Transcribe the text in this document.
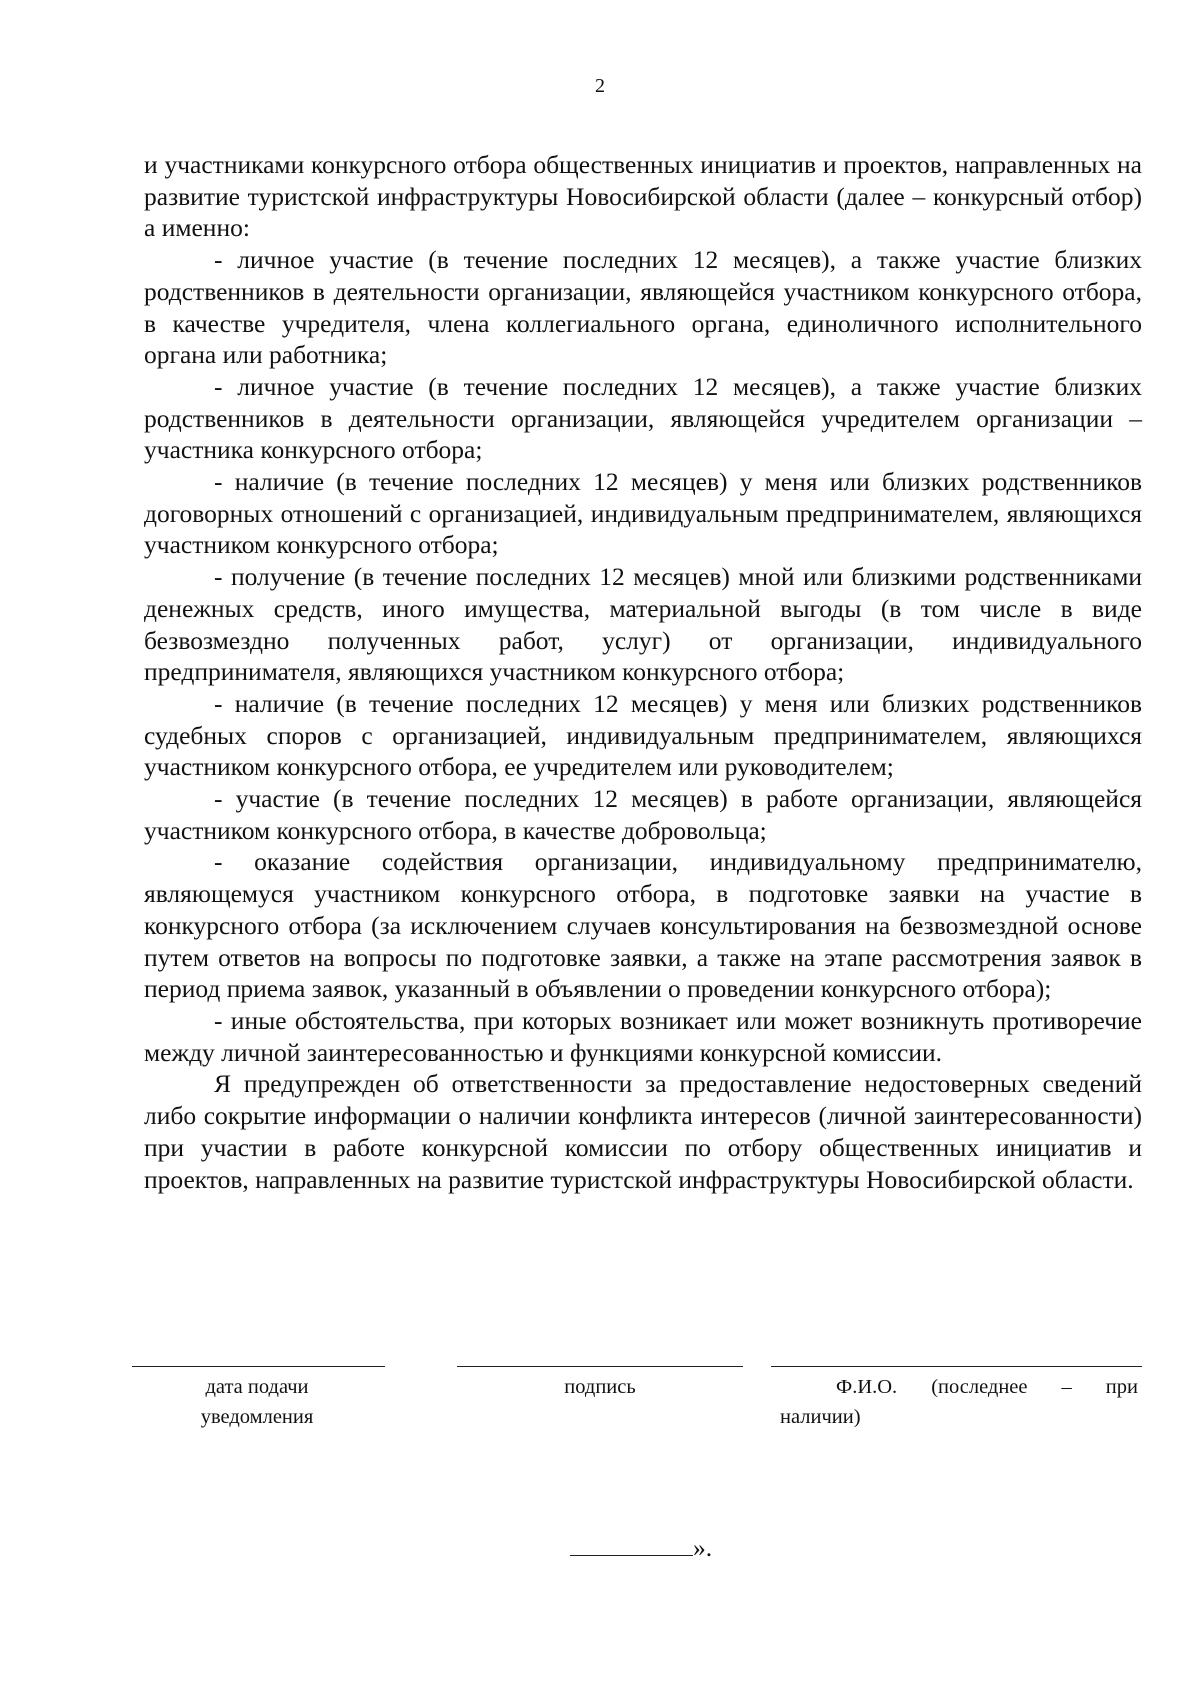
2

и участниками конкурсного отбора общественных инициатив и проектов, направленных на развитие туристской инфраструктуры Новосибирской области (далее – конкурсный отбор) а именно:

- личное участие (в течение последних 12 месяцев), а также участие близких родственников в деятельности организации, являющейся участником конкурсного отбора, в качестве учредителя, члена коллегиального органа, единоличного исполнительного органа или работника;

- личное участие (в течение последних 12 месяцев), а также участие близких родственников в деятельности организации, являющейся учредителем организации – участника конкурсного отбора;

- наличие (в течение последних 12 месяцев) у меня или близких родственников договорных отношений с организацией, индивидуальным предпринимателем, являющихся участником конкурсного отбора;

- получение (в течение последних 12 месяцев) мной или близкими родственниками денежных средств, иного имущества, материальной выгоды (в том числе в виде безвозмездно полученных работ, услуг) от организации, индивидуального предпринимателя, являющихся участником конкурсного отбора;

- наличие (в течение последних 12 месяцев) у меня или близких родственников судебных споров с организацией, индивидуальным предпринимателем, являющихся участником конкурсного отбора, ее учредителем или руководителем;

- участие (в течение последних 12 месяцев) в работе организации, являющейся участником конкурсного отбора, в качестве добровольца;

- оказание содействия организации, индивидуальному предпринимателю, являющемуся участником конкурсного отбора, в подготовке заявки на участие в конкурсного отбора (за исключением случаев консультирования на безвозмездной основе путем ответов на вопросы по подготовке заявки, а также на этапе рассмотрения заявок в период приема заявок, указанный в объявлении о проведении конкурсного отбора);

- иные обстоятельства, при которых возникает или может возникнуть противоречие между личной заинтересованностью и функциями конкурсной комиссии.

Я предупрежден об ответственности за предоставление недостоверных сведений либо сокрытие информации о наличии конфликта интересов (личной заинтересованности) при участии в работе конкурсной комиссии по отбору общественных инициатив и проектов, направленных на развитие туристской инфраструктуры Новосибирской области.

дата подачи
уведомления
подпись	Ф.И.О. (последнее – при
наличии)
».
